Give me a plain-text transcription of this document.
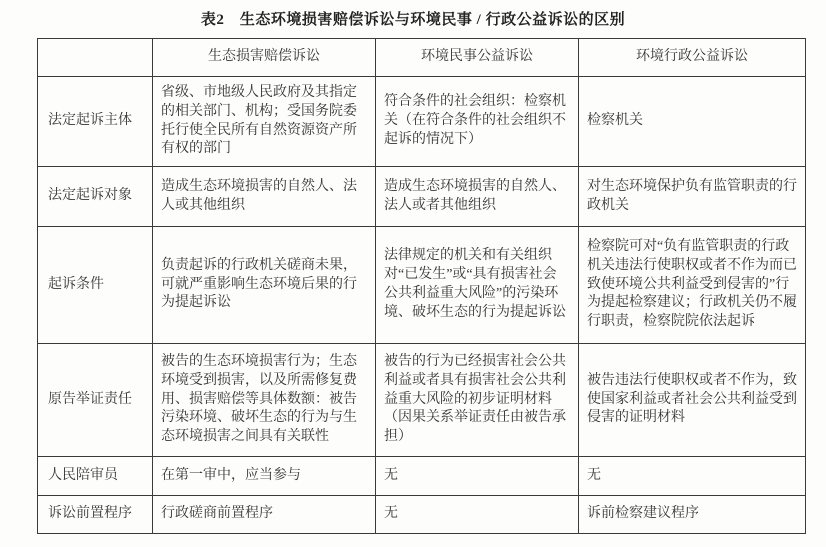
表2　生态环境损害赔偿诉讼与环境民事 / 行政公益诉讼的区别
	生态损害赔偿诉讼	环境民事公益诉讼	环境行政公益诉讼
法定起诉主体	省级、市地级人民政府及其指定的相关部门、机构；受国务院委托行使全民所有自然资源资产所有权的部门	符合条件的社会组织：检察机关（在符合条件的社会组织不起诉的情况下）	检察机关
法定起诉对象	造成生态环境损害的自然人、法人或其他组织	造成生态环境损害的自然人、法人或者其他组织	对生态环境保护负有监管职责的行政机关
起诉条件	负责起诉的行政机关磋商未果，可就严重影响生态环境后果的行为提起诉讼	法律规定的机关和有关组织对“已发生”或“具有损害社会公共利益重大风险”的污染环境、破坏生态的行为提起诉讼	检察院可对“负有监管职责的行政机关违法行使职权或者不作为而已致使环境公共利益受到侵害的”行为提起检察建议；行政机关仍不履行职责，检察院院依法起诉
原告举证责任	被告的生态环境损害行为；生态环境受到损害，以及所需修复费用、损害赔偿等具体数额：被告污染环境、破坏生态的行为与生态环境损害之间具有关联性	被告的行为已经损害社会公共利益或者具有损害社会公共利益重大风险的初步证明材料（因果关系举证责任由被告承担）	被告违法行使职权或者不作为，致使国家利益或者社会公共利益受到侵害的证明材料
人民陪审员	在第一审中，应当参与	无	无
诉讼前置程序	行政磋商前置程序	无	诉前检察建议程序
